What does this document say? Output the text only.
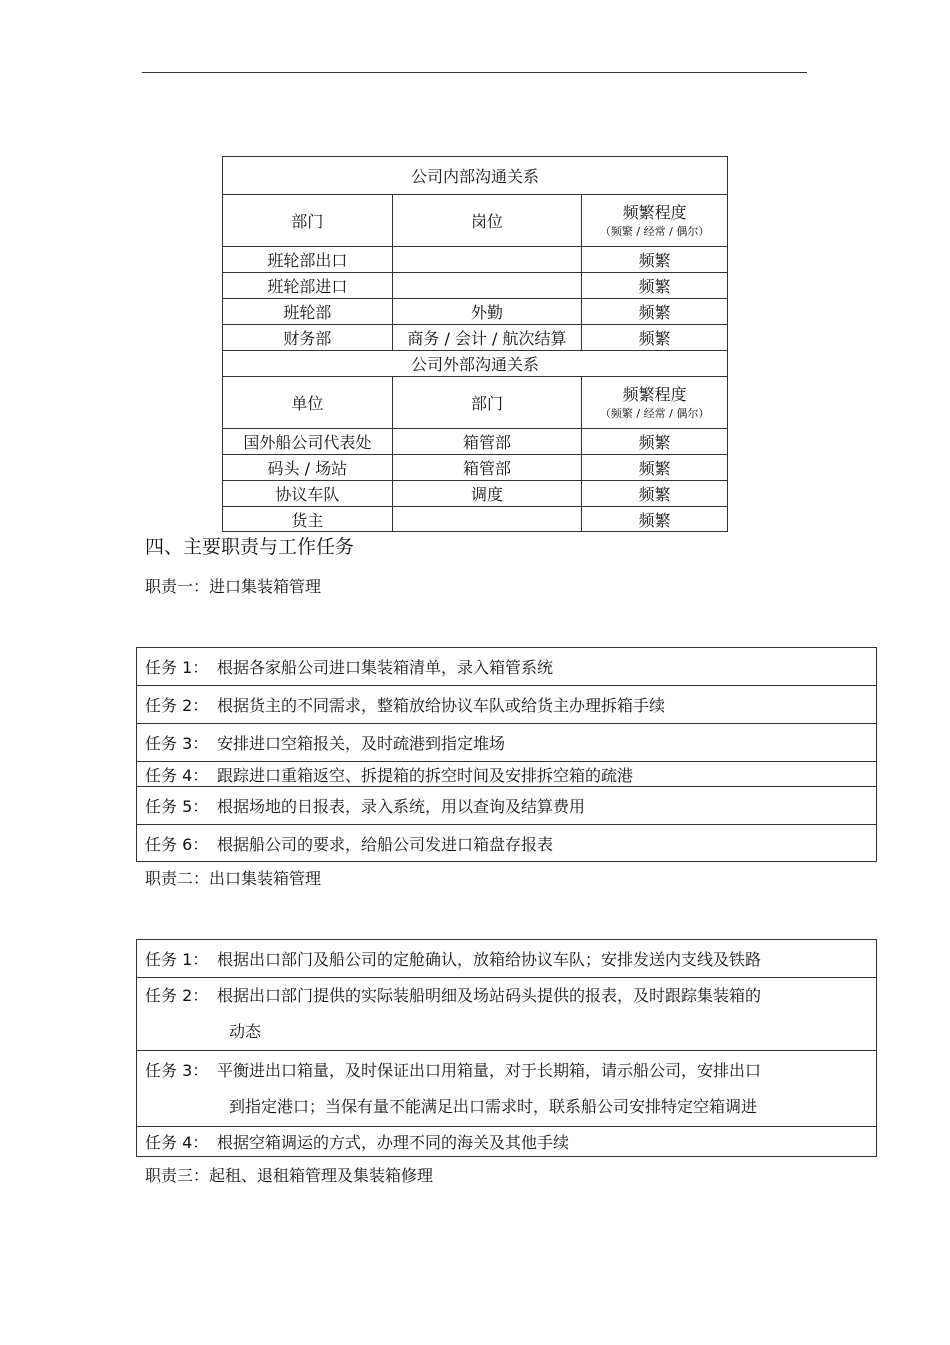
公司内部沟通关系		
部门	岗位	频繁程度
（频繁 / 经常 / 偶尔）

班轮部出口		频繁
班轮部进口		频繁
班轮部	外勤	频繁
财务部	商务 / 会计 / 航次结算	频繁
公司外部沟通关系		
单位	部门	频繁程度
（频繁 / 经常 / 偶尔）

国外船公司代表处	箱管部	频繁
码头 / 场站	箱管部	频繁
协议车队	调度	频繁
货主		频繁
四、主要职责与工作任务
职责一：进口集装箱管理
任务 1： 根据各家船公司进口集装箱清单，录入箱管系统
任务 2： 根据货主的不同需求，整箱放给协议车队或给货主办理拆箱手续
任务 3： 安排进口空箱报关，及时疏港到指定堆场
任务 4： 跟踪进口重箱返空、拆提箱的拆空时间及安排拆空箱的疏港
任务 5： 根据场地的日报表，录入系统，用以查询及结算费用
任务 6： 根据船公司的要求，给船公司发进口箱盘存报表
职责二：出口集装箱管理
任务 1： 根据出口部门及船公司的定舱确认，放箱给协议车队；安排发送内支线及铁路
任务 2： 根据出口部门提供的实际装船明细及场站码头提供的报表，及时跟踪集装箱的
动态

任务 3： 平衡进出口箱量，及时保证出口用箱量，对于长期箱，请示船公司，安排出口
到指定港口；当保有量不能满足出口需求时，联系船公司安排特定空箱调进

任务 4： 根据空箱调运的方式，办理不同的海关及其他手续
职责三：起租、退租箱管理及集装箱修理
